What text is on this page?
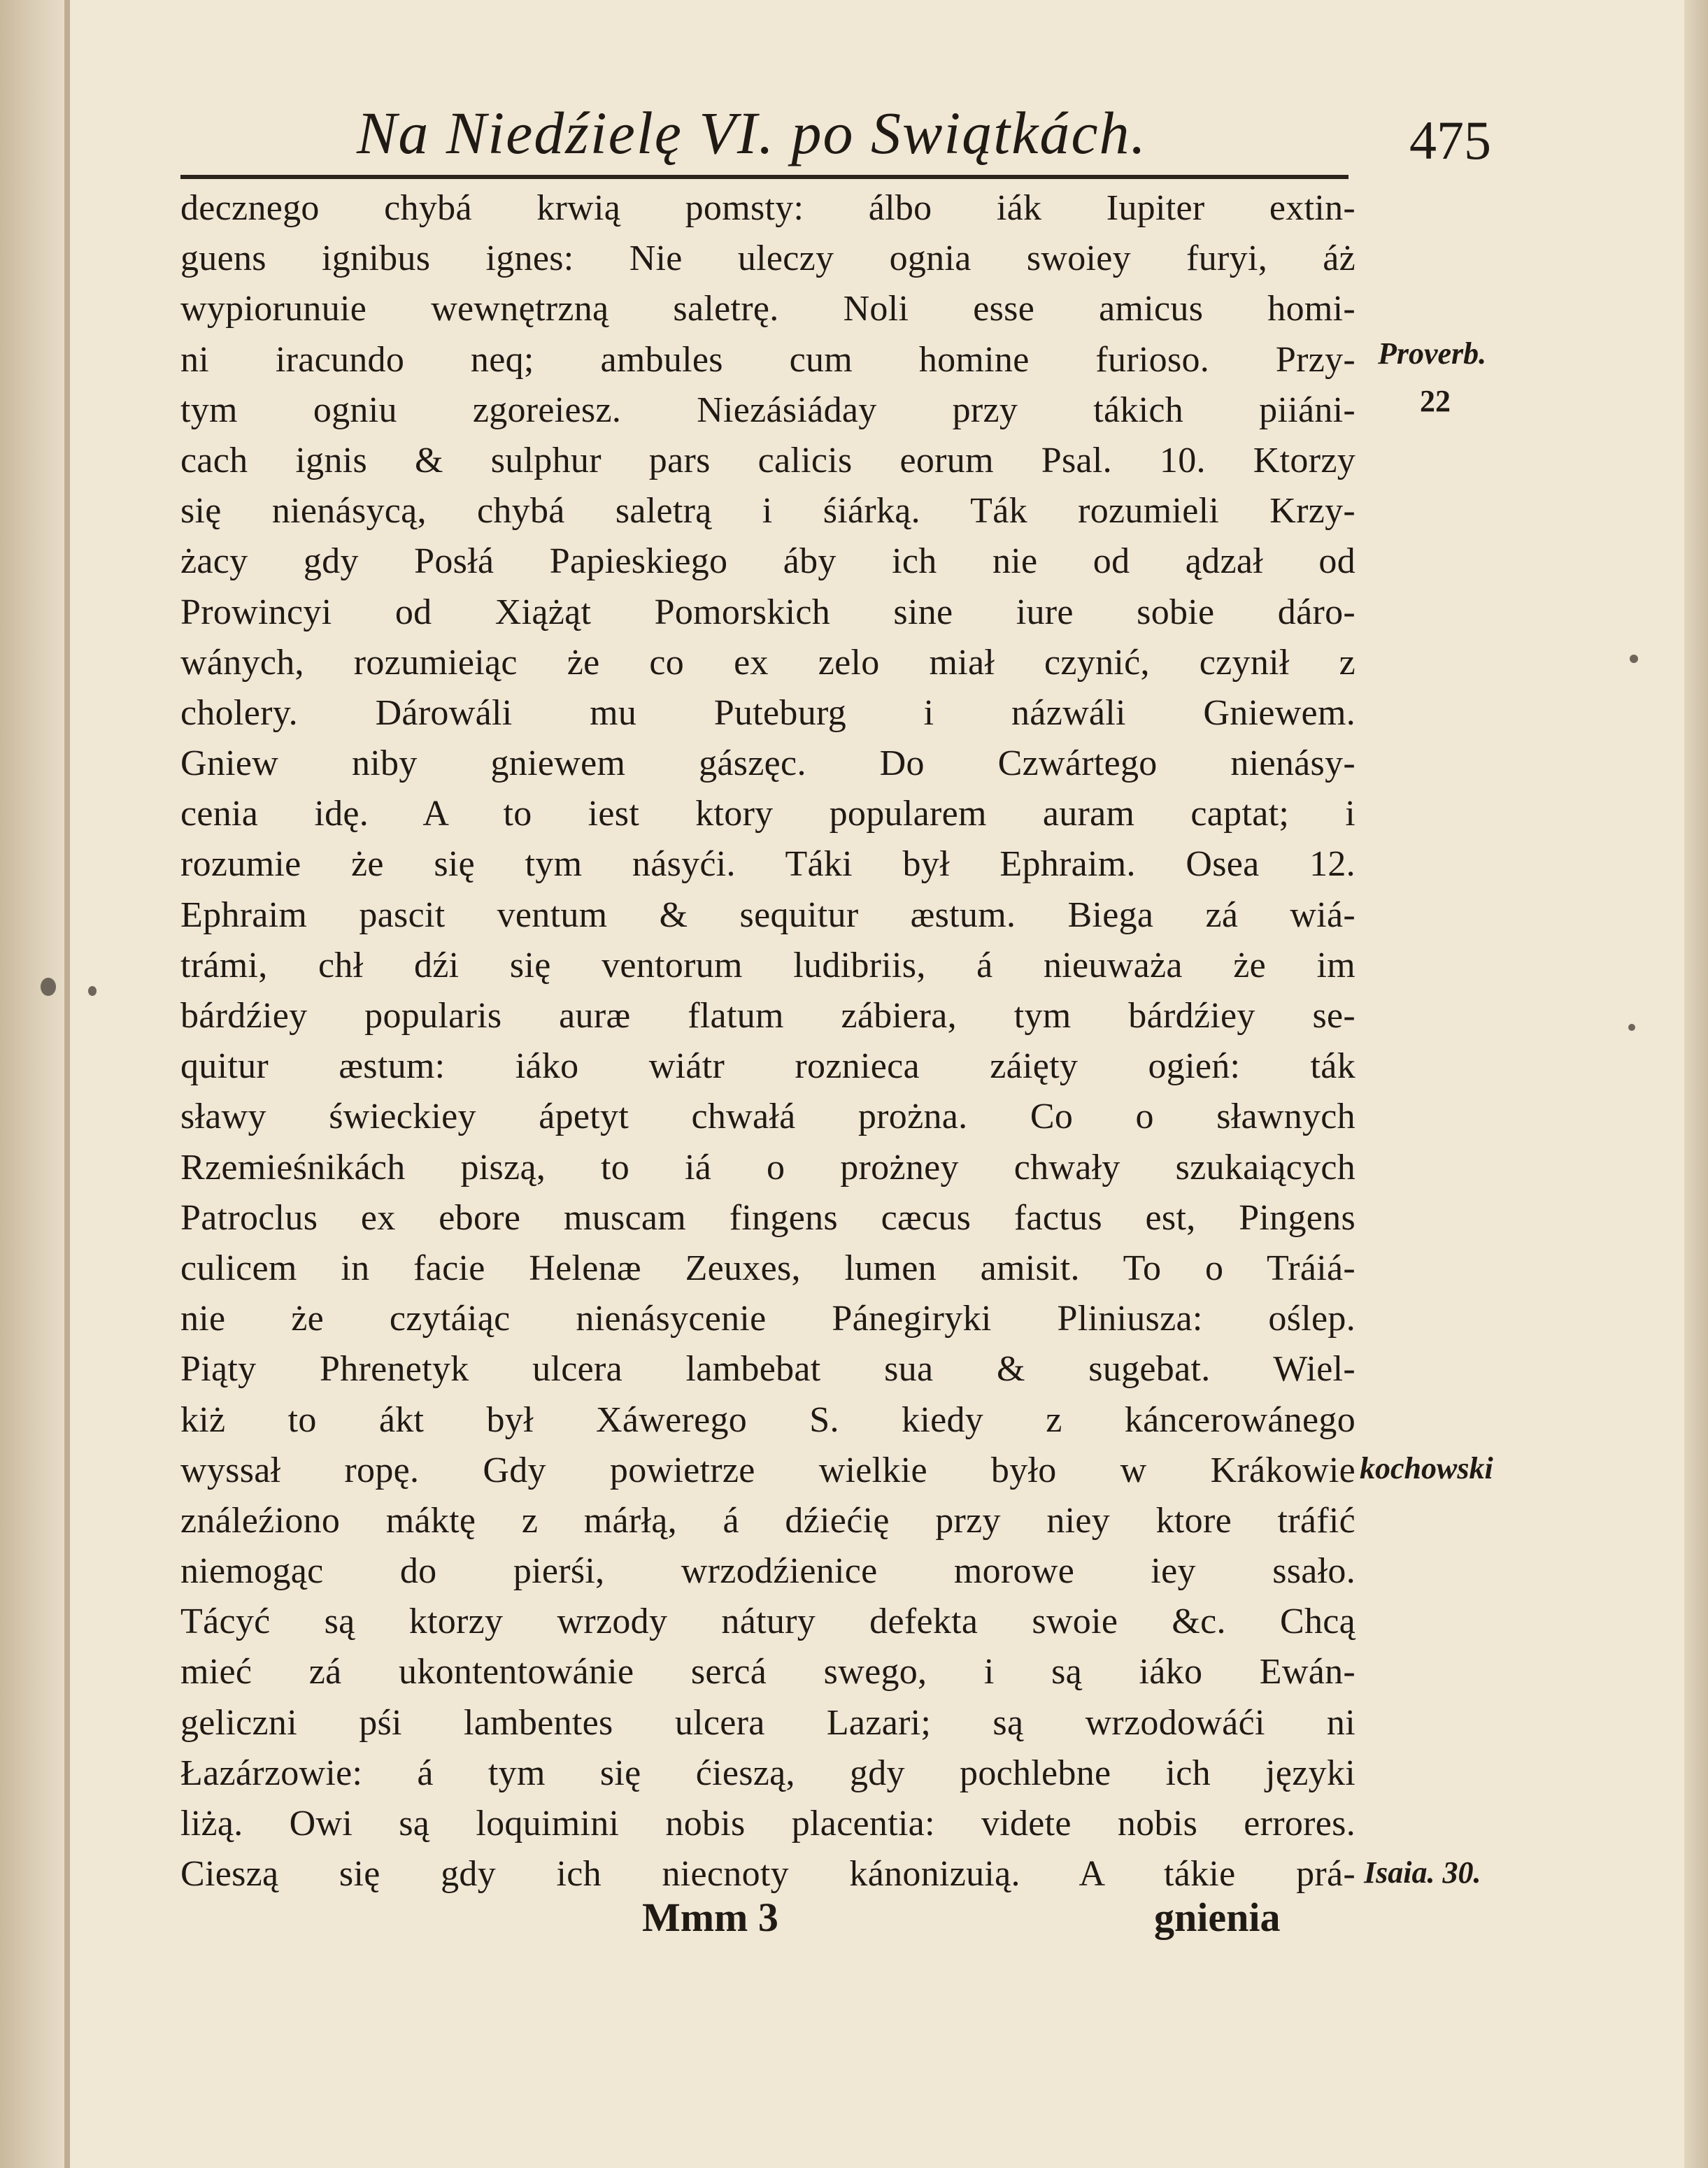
Na Niedźielę VI. po Swiątkách.	475
decznego chybá krwią pomsty: álbo iák Iupiter extin-
guens ignibus ignes: Nie uleczy ognia swoiey furyi, áż
wypiorunuie wewnętrzną saletrę. Noli esse amicus homi-
ni iracundo neq; ambules cum homine furioso. Przy-
tym ogniu zgoreiesz. Niezásiáday przy tákich piiáni-
cach ignis & sulphur pars calicis eorum Psal. 10. Ktorzy
się nienásycą, chybá saletrą i śiárką. Ták rozumieli Krzy-
żacy gdy Posłá Papieskiego áby ich nie od ądzał od
Prowincyi od Xiążąt Pomorskich sine iure sobie dáro-
wánych, rozumieiąc że co ex zelo miał czynić, czynił z
cholery. Dárowáli mu Puteburg i názwáli Gniewem.
Gniew niby gniewem gászęc. Do Czwártego nienásy-
cenia idę. A to iest ktory popularem auram captat; i
rozumie że się tym násyći. Táki był Ephraim. Osea 12.
Ephraim pascit ventum & sequitur æstum. Biega zá wiá-
trámi, chł dźi się ventorum ludibriis, á nieuważa że im
bárdźiey popularis auræ flatum zábiera, tym bárdźiey se-
quitur æstum: iáko wiátr roznieca záięty ogień: ták
sławy świeckiey ápetyt chwałá prożna. Co o sławnych
Rzemieśnikách piszą, to iá o prożney chwały szukaiących
Patroclus ex ebore muscam fingens cæcus factus est, Pingens
culicem in facie Helenæ Zeuxes, lumen amisit. To o Tráiá-
nie że czytáiąc nienásycenie Pánegiryki Pliniusza: oślep.
Piąty Phrenetyk ulcera lambebat sua & sugebat. Wiel-
kiż to ákt był Xáwerego S. kiedy z káncerowánego
wyssał ropę. Gdy powietrze wielkie było w Krákowie
ználeźiono máktę z márłą, á dźiećię przy niey ktore tráfić
niemogąc do pierśi, wrzodźienice morowe iey ssało.
Tácyć są ktorzy wrzody nátury defekta swoie &c. Chcą
mieć zá ukontentowánie sercá swego, i są iáko Ewán-
geliczni pśi lambentes ulcera Lazari; są wrzodowáći ni
Łazárzowie: á tym się ćieszą, gdy pochlebne ich języki
liżą. Owi są loquimini nobis placentia: videte nobis errores.
Cieszą się gdy ich niecnoty kánonizuią. A tákie prá-
Proverb.
22
kochowski
Isaia. 30.
Mmm 3	gnienia
